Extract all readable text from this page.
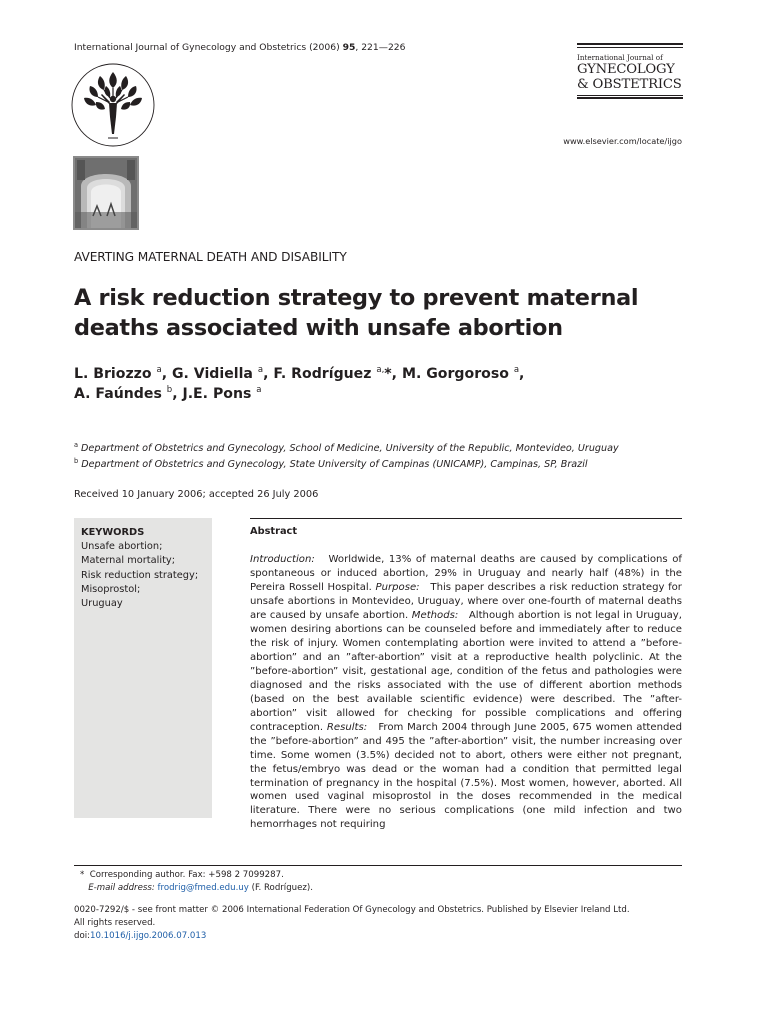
International Journal of Gynecology and Obstetrics (2006) 95, 221—226
International Journal of
GYNECOLOGY
& OBSTETRICS
www.elsevier.com/locate/ijgo
AVERTING MATERNAL DEATH AND DISABILITY
A risk reduction strategy to prevent maternal
deaths associated with unsafe abortion
L. Briozzo $^a$, G. Vidiella $^a$, F. Rodríguez $^{a,}$*, M. Gorgoroso $^a$,
A. Faúndes $^b$, J.E. Pons $^a$
$^a$ Department of Obstetrics and Gynecology, School of Medicine, University of the Republic, Montevideo, Uruguay
$^b$ Department of Obstetrics and Gynecology, State University of Campinas (UNICAMP), Campinas, SP, Brazil
Received 10 January 2006; accepted 26 July 2006
KEYWORDS
Unsafe abortion;
Maternal mortality;
Risk reduction strategy;
Misoprostol;
Uruguay
Abstract
Introduction: Worldwide, 13% of maternal deaths are caused by complications of spontaneous or induced abortion, 29% in Uruguay and nearly half (48%) in the Pereira Rossell Hospital. Purpose: This paper describes a risk reduction strategy for unsafe abortions in Montevideo, Uruguay, where over one-fourth of maternal deaths are caused by unsafe abortion. Methods: Although abortion is not legal in Uruguay, women desiring abortions can be counseled before and immediately after to reduce the risk of injury. Women contemplating abortion were invited to attend a ”before-abortion” and an ”after-abortion” visit at a reproductive health polyclinic. At the ”before-abortion” visit, gestational age, condition of the fetus and pathologies were diagnosed and the risks associated with the use of different abortion methods (based on the best available scientific evidence) were described. The ”after-abortion” visit allowed for checking for possible complications and offering contraception. Results: From March 2004 through June 2005, 675 women attended the ”before-abortion” and 495 the ”after-abortion” visit, the number increasing over time. Some women (3.5%) decided not to abort, others were either not pregnant, the fetus/embryo was dead or the woman had a condition that permitted legal termination of pregnancy in the hospital (7.5%). Most women, however, aborted. All women used vaginal misoprostol in the doses recommended in the medical literature. There were no serious complications (one mild infection and two hemorrhages not requiring
* Corresponding author. Fax: +598 2 7099287.
E-mail address: frodrig@fmed.edu.uy (F. Rodríguez).
0020-7292/$ - see front matter © 2006 International Federation Of Gynecology and Obstetrics. Published by Elsevier Ireland Ltd.
All rights reserved.
doi:10.1016/j.ijgo.2006.07.013
